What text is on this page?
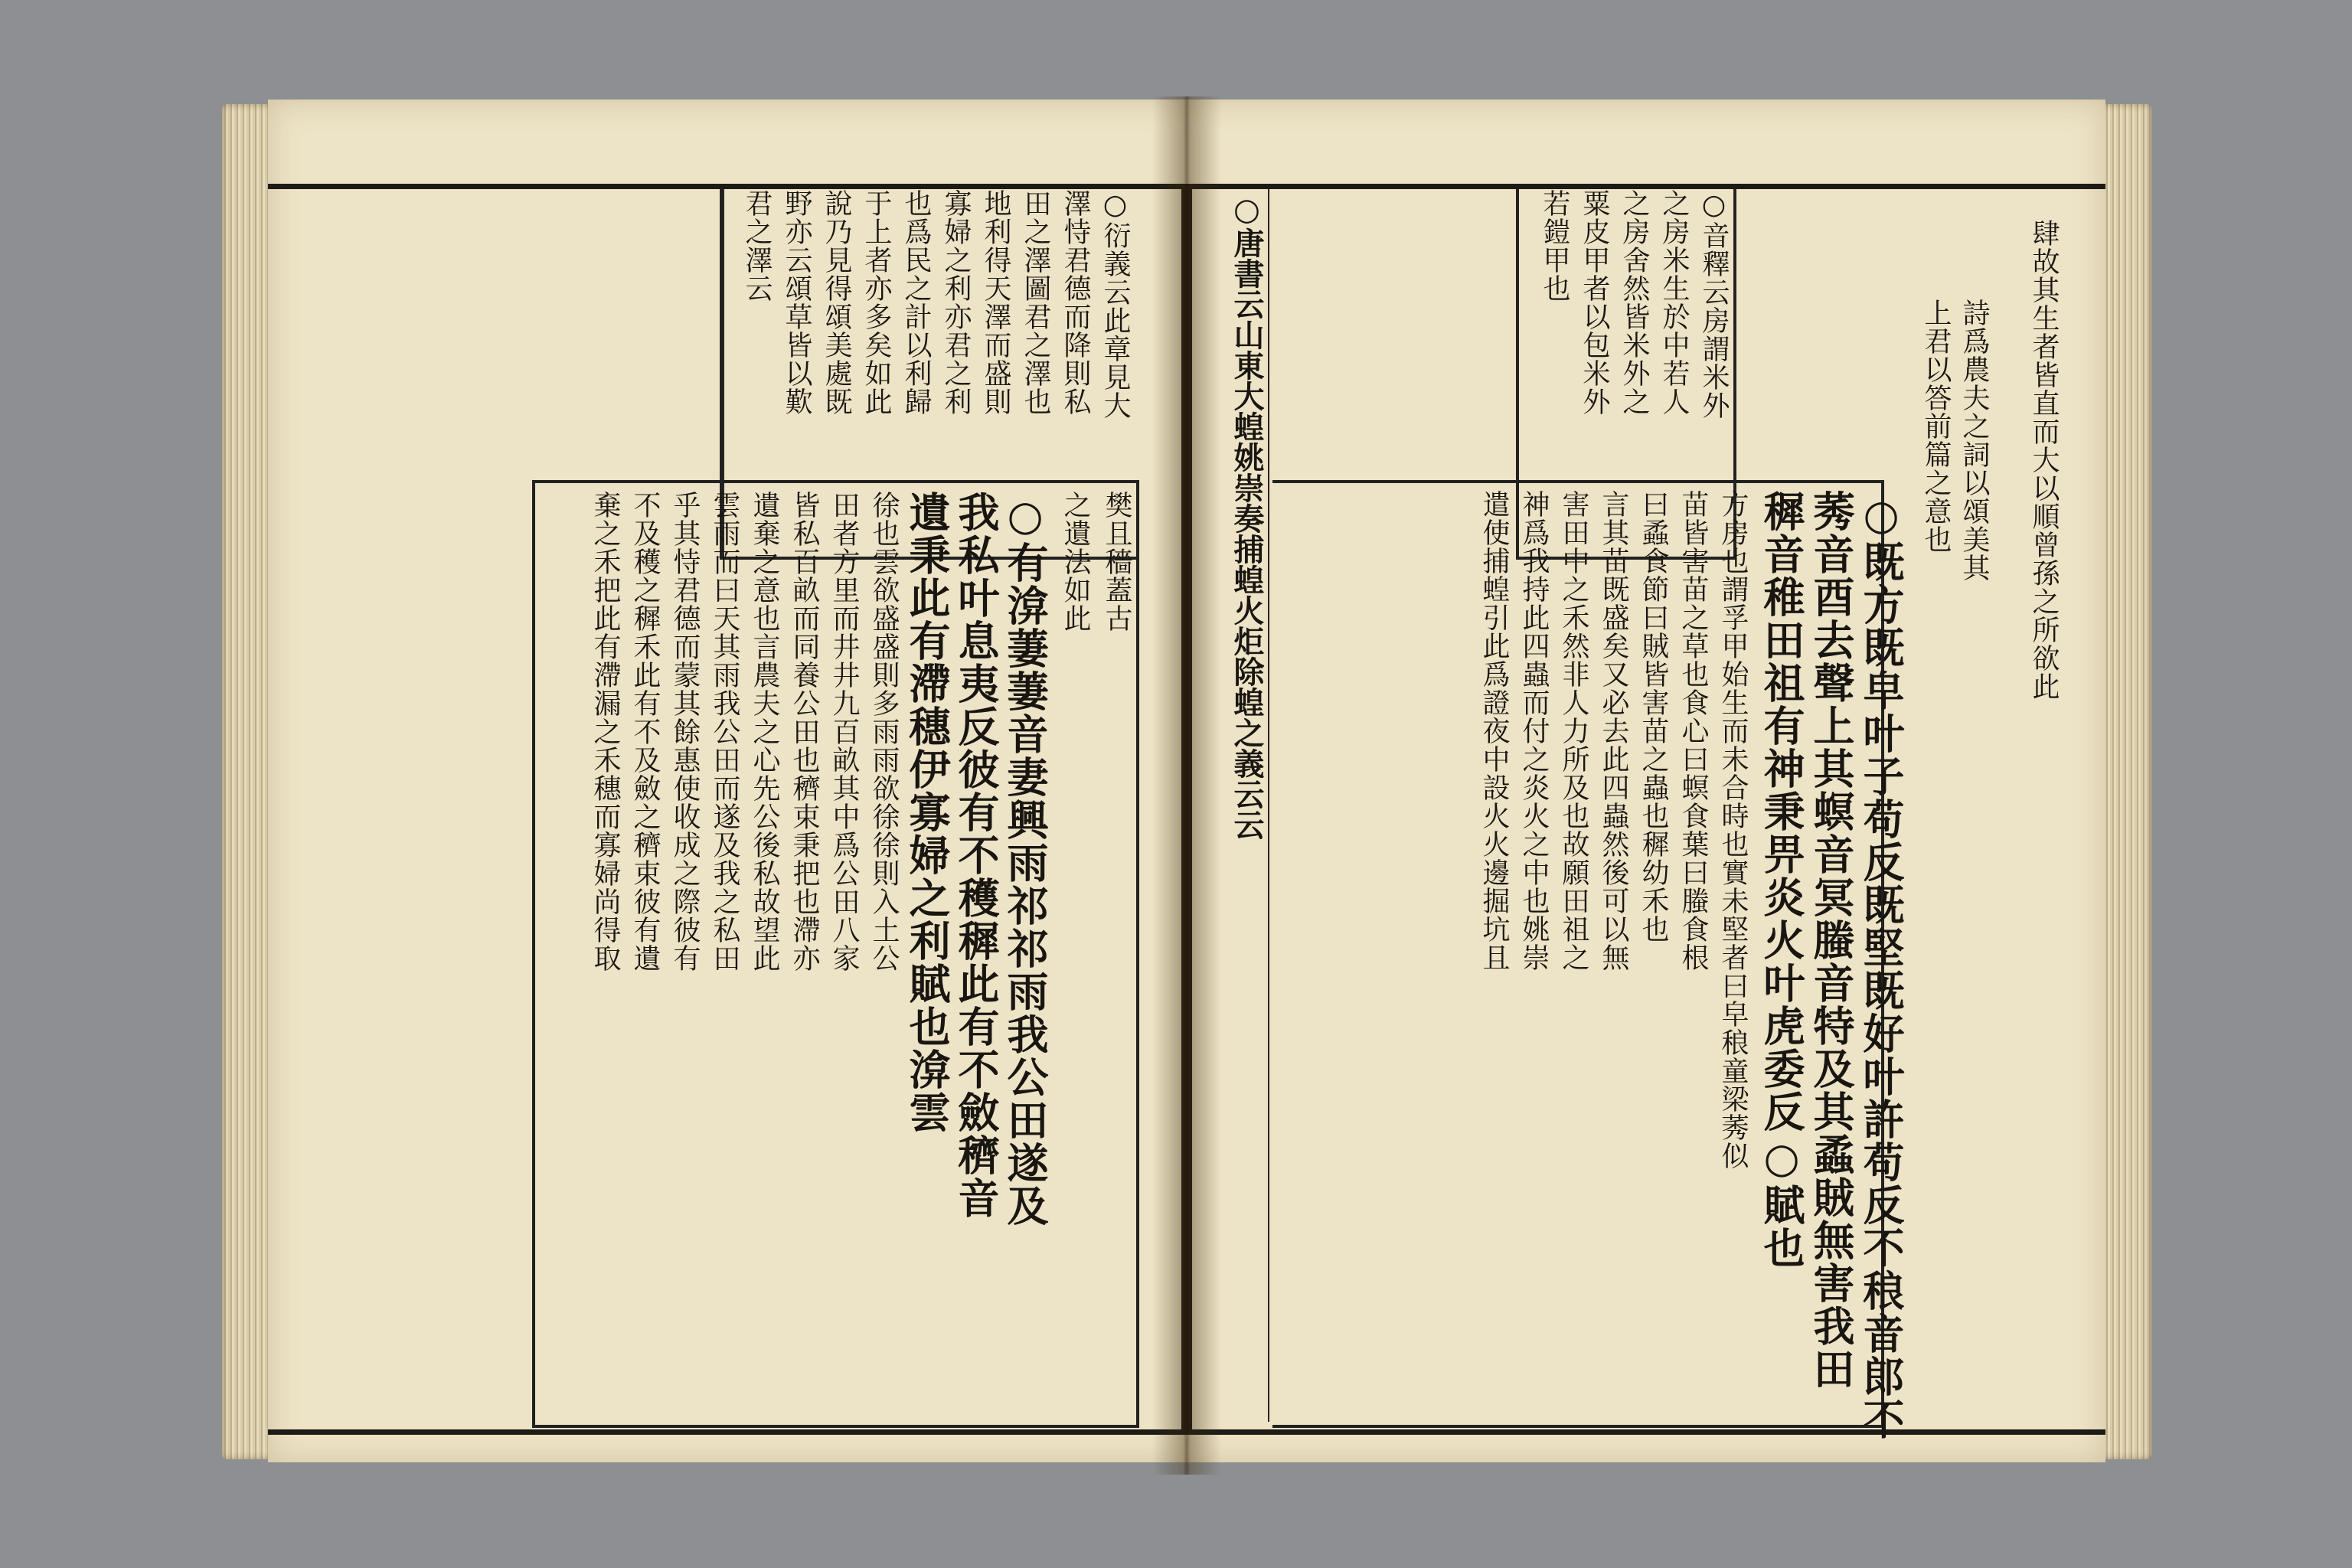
○衍義云此章見大
澤恃君德而降則私
田之澤圖君之澤也
地利得天澤而盛則
寡婦之利亦君之利
也爲民之計以利歸
于上者亦多矣如此
說乃見得頌美處既
野亦云頌草皆以歎
君之澤云
樊且穡蓋古
之遺法如此
○有渰萋萋音妻興雨祁祁雨我公田遂及
我私叶息夷反彼有不穫穉此有不斂穧音
遺秉此有滯穗伊寡婦之利賦也渰雲
徐也雲欲盛盛則多雨雨欲徐徐則入土公
田者方里而井井九百畝其中爲公田八家
皆私百畝而同養公田也穧束秉把也滯亦
遺棄之意也言農夫之心先公後私故望此
雲雨而曰天其雨我公田而遂及我之私田
乎其恃君德而蒙其餘惠使收成之際彼有
不及穫之穉禾此有不及斂之穧束彼有遺
棄之禾把此有滯漏之禾穗而寡婦尚得取	○唐書云山東大蝗姚崇奏捕蝗火炬除蝗之義云云	○音釋云房謂米外
之房米生於中若人
之房舍然皆米外之
粟皮甲者以包米外
若鎧甲也	肆故其生者皆直而大以順曾孫之所欲此
詩爲農夫之詞以頌美其
上君以答前篇之意也
○既方既皁叶子苟反既堅既好叶許苟反不稂音郎不
莠音酉去聲上其螟音冥螣音特及其蟊賊無害我田
穉音稚田祖有神秉畀炎火叶虎委反○賦也
方房也謂孚甲始生而未合時也實未堅者曰皁稂童梁莠似
苗皆害苗之草也食心曰螟食葉曰螣食根
曰蟊食節曰賊皆害苗之蟲也穉幼禾也
言其苗既盛矣又必去此四蟲然後可以無
害田中之禾然非人力所及也故願田祖之
神爲我持此四蟲而付之炎火之中也姚崇
遣使捕蝗引此爲證夜中設火火邊掘坑且
